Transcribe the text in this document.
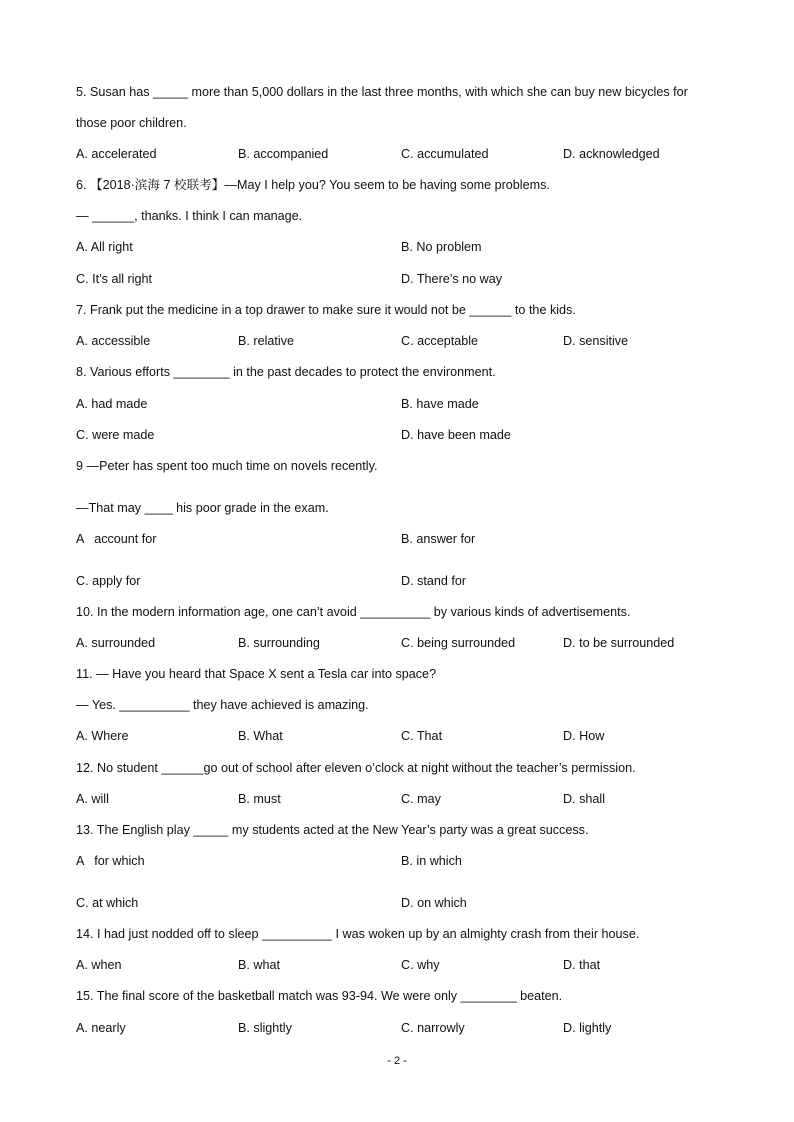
5. Susan has _____ more than 5,000 dollars in the last three months, with which she can buy new bicycles for
those poor children.
A. accelerated	B. accompanied	C. accumulated	D. acknowledged
6. 【2018·滨海 7 校联考】—May I help you? You seem to be having some problems.
— ______, thanks. I think I can manage.
A. All right	B. No problem
C. It’s all right	D. There’s no way
7. Frank put the medicine in a top drawer to make sure it would not be ______ to the kids.
A. accessible	B. relative	C. acceptable	D. sensitive
8. Various efforts ________ in the past decades to protect the environment.
A. had made	B. have made
C. were made	D. have been made
9 —Peter has spent too much time on novels recently.
—That may ____ his poor grade in the exam.
A   account for	B. answer for
C. apply for	D. stand for
10. In the modern information age, one can’t avoid __________ by various kinds of advertisements.
A. surrounded	B. surrounding	C. being surrounded	D. to be surrounded
11. — Have you heard that Space X sent a Tesla car into space?
— Yes. __________ they have achieved is amazing.
A. Where	B. What	C. That	D. How
12. No student ______go out of school after eleven o’clock at night without the teacher’s permission.
A. will	B. must	C. may	D. shall
13. The English play _____ my students acted at the New Year’s party was a great success.
A   for which	B. in which
C. at which	D. on which
14. I had just nodded off to sleep __________ I was woken up by an almighty crash from their house.
A. when	B. what	C. why	D. that
15. The final score of the basketball match was 93-94. We were only ________ beaten.
A. nearly	B. slightly	C. narrowly	D. lightly
- 2 -
